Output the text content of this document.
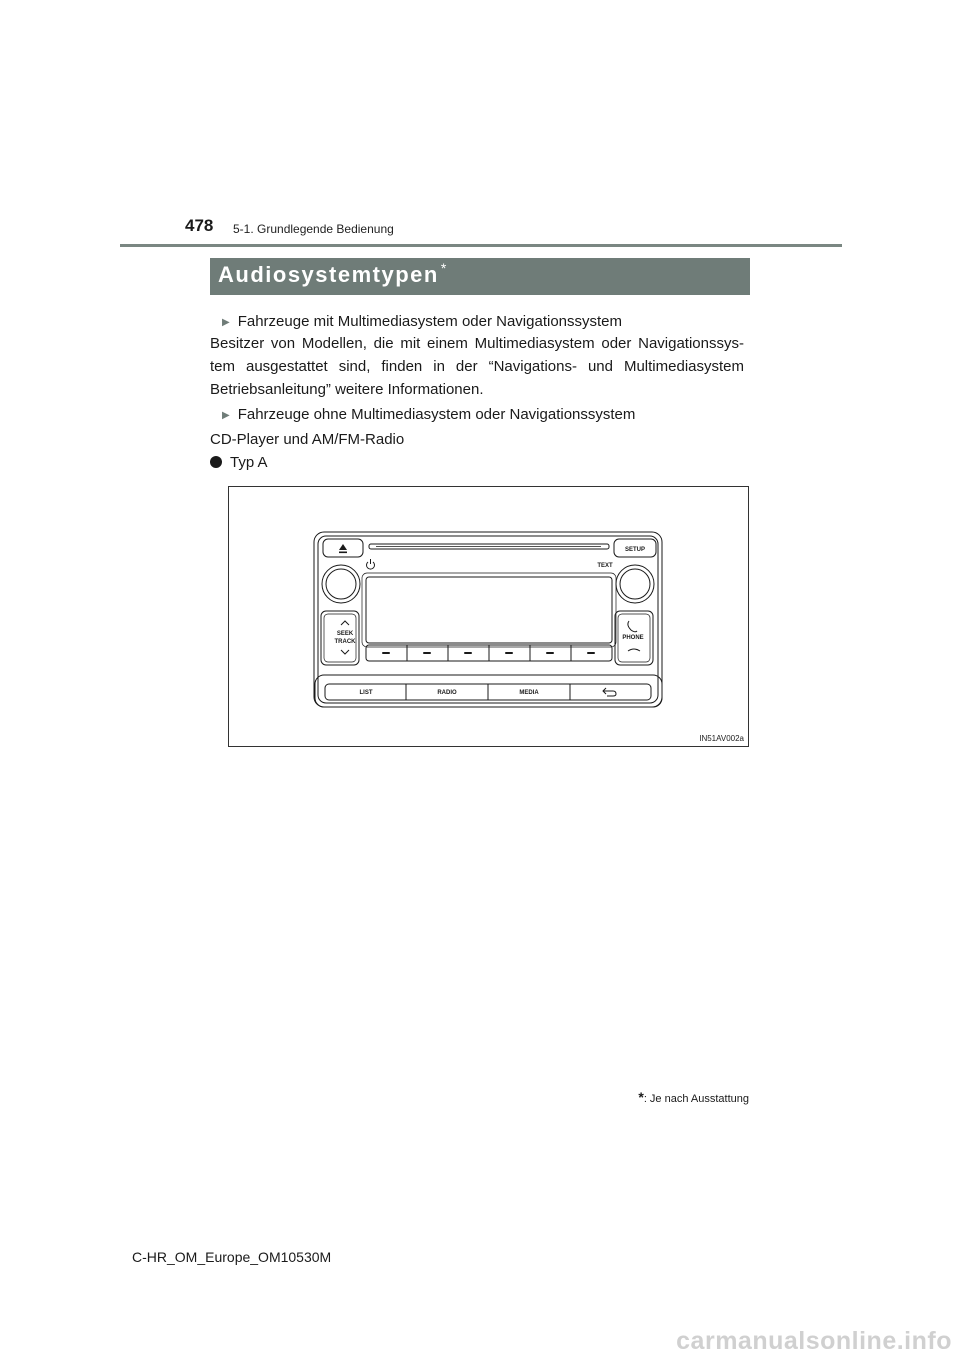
478 5-1. Grundlegende Bedienung
Audiosystemtypen *
▶ Fahrzeuge mit Multimediasystem oder Navigationssystem
Besitzer von Modellen, die mit einem Multimediasystem oder Navigationssys-tem ausgestattet sind, finden in der “Navigations- und Multimediasystem Betriebsanleitung” weitere Informationen.
▶ Fahrzeuge ohne Multimediasystem oder Navigationssystem
CD-Player und AM/FM-Radio
Typ A
SETUP
TEXT
SEEK
TRACK
PHONE
LIST	RADIO	MEDIA
IN51AV002a
*: Je nach Ausstattung
C-HR_OM_Europe_OM10530M
carmanualsonline.info
